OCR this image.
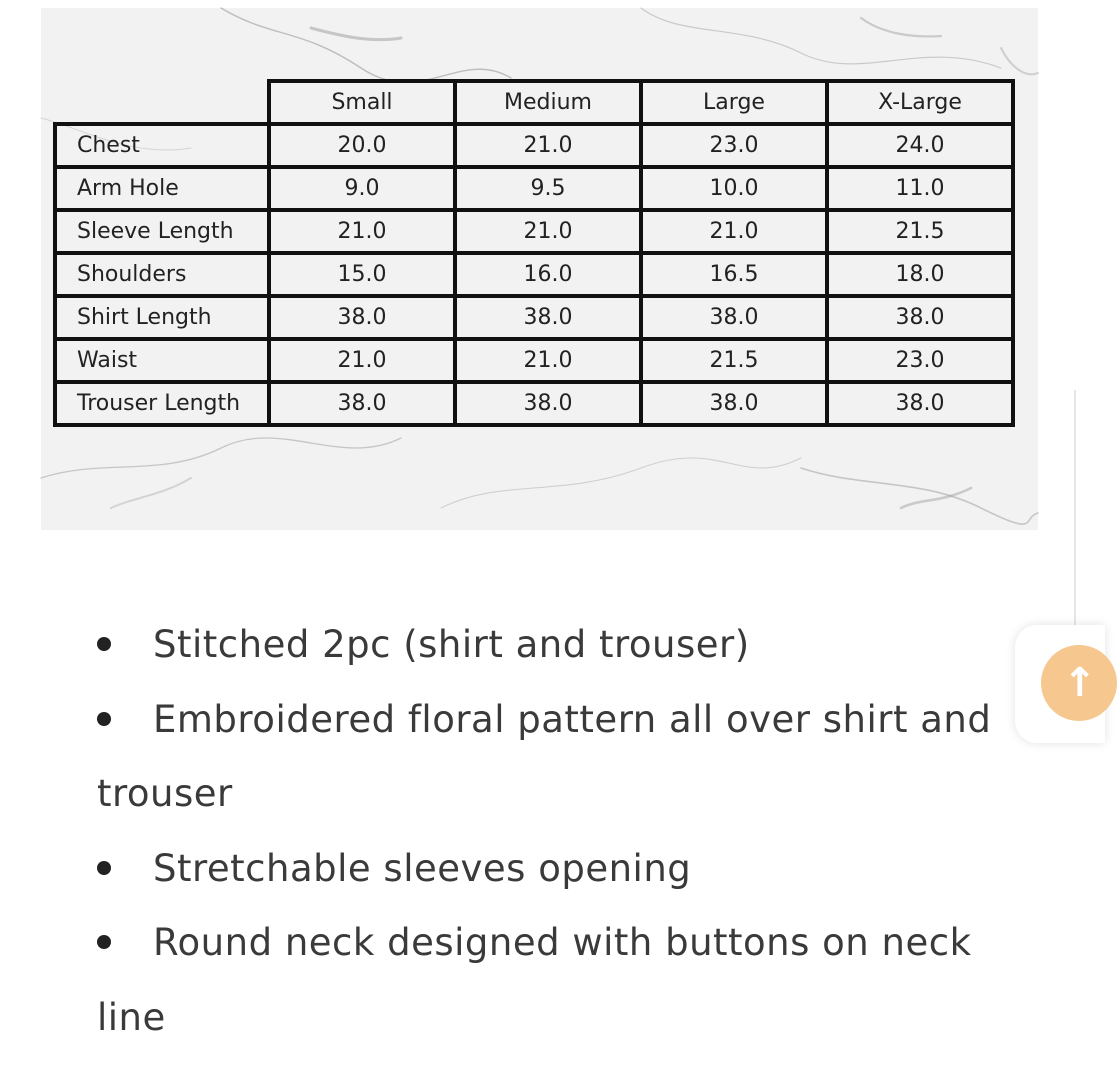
	Small	Medium	Large	X-Large
Chest	20.0	21.0	23.0	24.0
Arm Hole	9.0	9.5	10.0	11.0
Sleeve Length	21.0	21.0	21.0	21.5
Shoulders	15.0	16.0	16.5	18.0
Shirt Length	38.0	38.0	38.0	38.0
Waist	21.0	21.0	21.5	23.0
Trouser Length	38.0	38.0	38.0	38.0
Stitched 2pc (shirt and trouser)
Embroidered floral pattern all over shirt and trouser
Stretchable sleeves opening
Round neck designed with buttons on neck line
↑
